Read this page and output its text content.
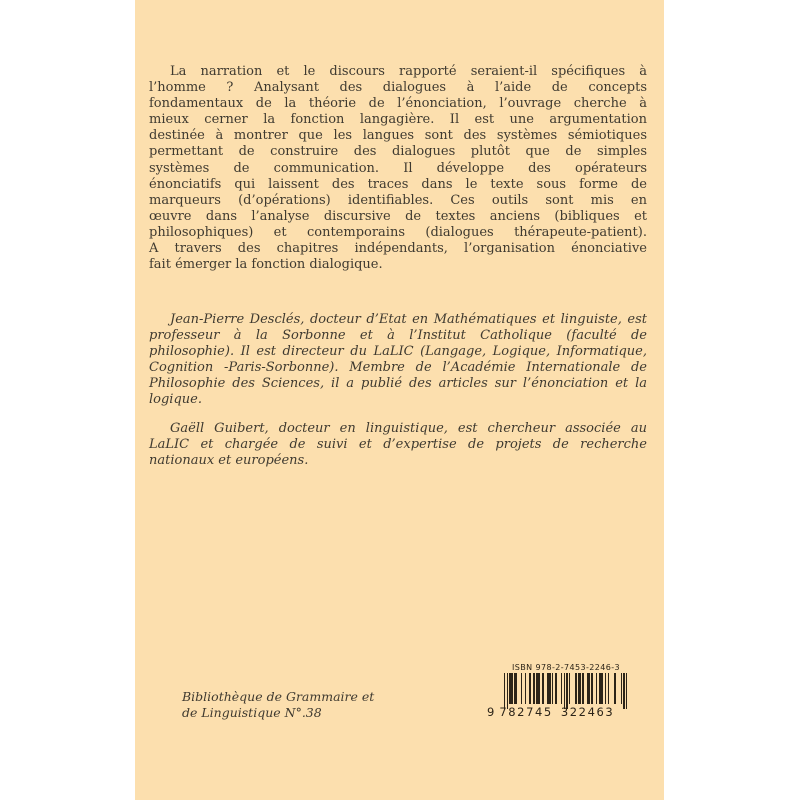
La narration et le discours rapporté seraient-il spécifiques à
l’homme ? Analysant des dialogues à l’aide de concepts
fondamentaux de la théorie de l’énonciation, l’ouvrage cherche à
mieux cerner la fonction langagière. Il est une argumentation
destinée à montrer que les langues sont des systèmes sémiotiques
permettant de construire des dialogues plutôt que de simples
systèmes de communication. Il développe des opérateurs
énonciatifs qui laissent des traces dans le texte sous forme de
marqueurs (d’opérations) identifiables. Ces outils sont mis en
œuvre dans l’analyse discursive de textes anciens (bibliques et
philosophiques) et contemporains (dialogues thérapeute-patient).
A travers des chapitres indépendants, l’organisation énonciative
fait émerger la fonction dialogique.
Jean-Pierre Desclés, docteur d’Etat en Mathématiques et linguiste, est
professeur à la Sorbonne et à l’Institut Catholique (faculté de
philosophie). Il est directeur du LaLIC (Langage, Logique, Informatique,
Cognition -Paris-Sorbonne). Membre de l’Académie Internationale de
Philosophie des Sciences, il a publié des articles sur l’énonciation et la
logique.
Gaëll Guibert, docteur en linguistique, est chercheur associée au
LaLIC et chargée de suivi et d’expertise de projets de recherche
nationaux et européens.
Bibliothèque de Grammaire et
de Linguistique N°.38
ISBN 978-2-7453-2246-3
9 782745 322463
